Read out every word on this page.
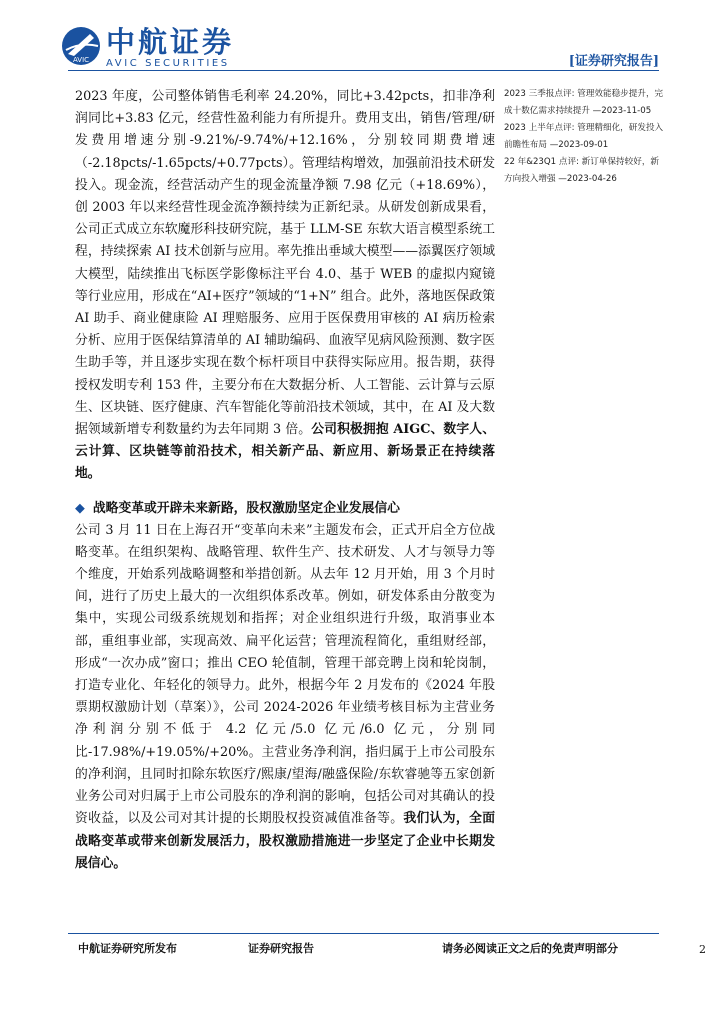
AVIC
中航证券
AVIC SECURITIES	[证券研究报告]

2023 年度，公司整体销售毛利率 24.20%，同比+3.42pcts，扣非净利润同比+3.83 亿元，经营性盈利能力有所提升。费用支出，销售/管理/研发费用增速分别-9.21%/-9.74%/+12.16%，分别较同期费增速（-2.18pcts/-1.65pcts/+0.77pcts）。管理结构增效，加强前沿技术研发投入。现金流，经营活动产生的现金流量净额 7.98 亿元（+18.69%），创 2003 年以来经营性现金流净额持续为正新纪录。从研发创新成果看，公司正式成立东软魔形科技研究院，基于 LLM-SE 东软大语言模型系统工程，持续探索 AI 技术创新与应用。率先推出垂域大模型——添翼医疗领域大模型，陆续推出飞标医学影像标注平台 4.0、基于 WEB 的虚拟内窥镜等行业应用，形成在“AI+医疗”领域的“1+N” 组合。此外，落地医保政策 AI 助手、商业健康险 AI 理赔服务、应用于医保费用审核的 AI 病历检索分析、应用于医保结算清单的 AI 辅助编码、血液罕见病风险预测、数字医生助手等，并且逐步实现在数个标杆项目中获得实际应用。报告期，获得授权发明专利 153 件，主要分布在大数据分析、人工智能、云计算与云原生、区块链、医疗健康、汽车智能化等前沿技术领域，其中，在 AI 及大数据领域新增专利数量约为去年同期 3 倍。公司积极拥抱 AIGC、数字人、云计算、区块链等前沿技术，相关新产品、新应用、新场景正在持续落地。

◆ 战略变革或开辟未来新路，股权激励坚定企业发展信心

公司 3 月 11 日在上海召开“变革向未来”主题发布会，正式开启全方位战略变革。在组织架构、战略管理、软件生产、技术研发、人才与领导力等个维度，开始系列战略调整和举措创新。从去年 12 月开始，用 3 个月时间，进行了历史上最大的一次组织体系改革。例如，研发体系由分散变为集中，实现公司级系统规划和指挥；对企业组织进行升级，取消事业本部，重组事业部，实现高效、扁平化运营；管理流程简化，重组财经部，形成“一次办成”窗口；推出 CEO 轮值制，管理干部竞聘上岗和轮岗制，打造专业化、年轻化的领导力。此外，根据今年 2 月发布的《2024 年股票期权激励计划（草案）》，公司 2024-2026 年业绩考核目标为主营业务净利润分别不低于 4.2 亿元/5.0 亿元/6.0 亿元，分别同比-17.98%/+19.05%/+20%。主营业务净利润，指归属于上市公司股东的净利润，且同时扣除东软医疗/熙康/望海/融盛保险/东软睿驰等五家创新业务公司对归属于上市公司股东的净利润的影响，包括公司对其确认的投资收益，以及公司对其计提的长期股权投资减值准备等。我们认为，全面战略变革或带来创新发展活力，股权激励措施进一步坚定了企业中长期发展信心。

2023 三季报点评: 管理效能稳步提升，完成十数亿需求持续提升 —2023-11-05
2023 上半年点评: 管理精细化，研发投入前瞻性布局 —2023-09-01
22 年&23Q1 点评: 新订单保持较好，新方向投入增强 —2023-04-26
中航证券研究所发布	证券研究报告	请务必阅读正文之后的免责声明部分	2
